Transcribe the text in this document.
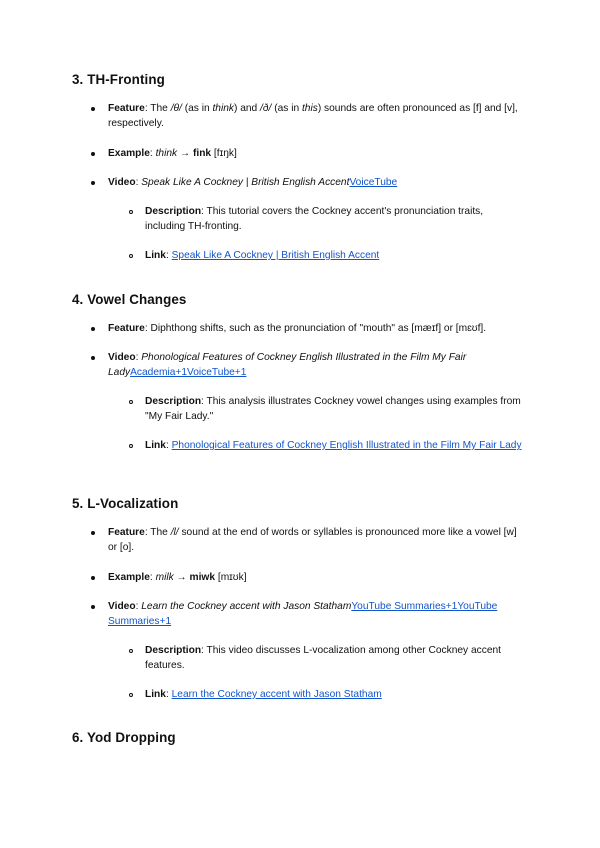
3. TH-Fronting

Feature: The /θ/ (as in think) and /ð/ (as in this) sounds are often pronounced as [f] and [v], respectively.

Example: think → fink [fɪŋk]

Video: Speak Like A Cockney | British English AccentVoiceTube

Description: This tutorial covers the Cockney accent's pronunciation traits, including TH-fronting.

Link: Speak Like A Cockney | British English Accent

4. Vowel Changes

Feature: Diphthong shifts, such as the pronunciation of "mouth" as [mæɪf] or [mɛʊf].

Video: Phonological Features of Cockney English Illustrated in the Film My Fair LadyAcademia+1VoiceTube+1

Description: This analysis illustrates Cockney vowel changes using examples from "My Fair Lady."

Link: Phonological Features of Cockney English Illustrated in the Film My Fair Lady

5. L-Vocalization

Feature: The /l/ sound at the end of words or syllables is pronounced more like a vowel [w] or [o].

Example: milk → miwk [mɪʊk]

Video: Learn the Cockney accent with Jason StathamYouTube Summaries+1YouTube Summaries+1

Description: This video discusses L-vocalization among other Cockney accent features.

Link: Learn the Cockney accent with Jason Statham

6. Yod Dropping
